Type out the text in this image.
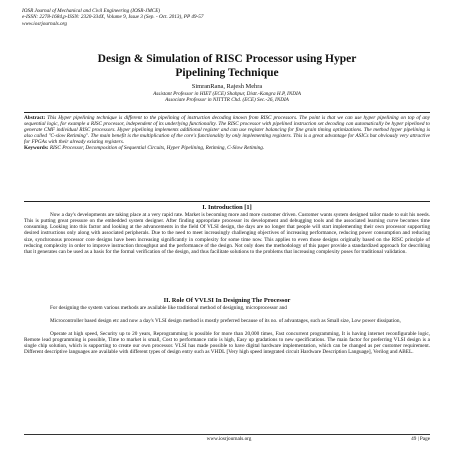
IOSR Journal of Mechanical and Civil Engineering (IOSR-JMCE)
e-ISSN: 2278-1684,p-ISSN: 2320-334X, Volume 9, Issue 3 (Sep. - Oct. 2013), PP 49-57
www.iosrjournals.org
Design & Simulation of RISC Processor using Hyper
Pipelining Technique
SimranRana, Rajesh Mehra
Assistant Professor in HIET (ECE) Shahpur, Distt.-Kangra H.P, INDIA
Associate Professor in NITTTR Chd. (ECE) Sec.-26, INDIA

Abstract: This Hyper pipelining technique is different to the pipelining of instruction decoding known from RISC processors. The point is that we can use hyper pipelining on top of any sequential logic, for example a RISC processor, independent of its underlying functionality. The RISC processor with pipelined instruction set decoding can automatically be hyper pipelined to generate CMF individual RISC processors. Hyper pipelining implements additional register and can use register balancing for fine grain timing optimizations. The method hyper pipelining is also called "C-slow Retiming". The main benefit is the multiplication of the core's functionality by only implementing registers. This is a great advantage for ASICs but obviously very attractive for FPGAs with their already existing registers.

Keywords: RISC Processor, Decomposition of Sequential Circuits, Hyper Pipelining, Retiming, C-Slow Retiming.

I. Introduction [1]

Now a day's developments are taking place at a very rapid rate. Market is becoming more and more customer driven. Customer wants system designed tailor made to suit his needs. This is putting great pressure on the embedded system designer. After finding appropriate processor its development and debugging tools and the associated learning curve becomes time consuming. Looking into this factor and looking at the advancements in the field Of VLSI design, the days are no longer that people will start implementing their own processor supporting desired instructions only along with associated peripherals. Due to the need to meet increasingly challenging objectives of increasing performance, reducing power consumption and reducing size, synchronous processor core designs have been increasing significantly in complexity for some time now. This applies to even those designs originally based on the RISC principle of reducing complexity in order to improve instruction throughput and the performance of the design. Not only does the methodology of this paper provide a standardized approach for describing that it generates can be used as a basis for the formal verification of the design, and thus facilitate solutions to the problems that increasing complexity poses for traditional validation.

II. Role Of VVLSI In Designing The Processor

For designing the system various methods are available like traditional method of designing, microprocessor and

Microcontroller based design etc and now a day's VLSI design method is mostly preferred because of its no. of advantages, such as Small size, Low power dissipation,

Operate at high speed, Security up to 20 years, Reprogramming is possible for more than 20,000 times, Fast concurrent programming, It is having internet reconfigurable logic, Remote lead programming is possible, Time to market is small, Cost to performance ratio is high, Easy up gradations to new specifications. The main factor for preferring VLSI design is a single chip solution, which is supporting to create our own processor. VLSI has made possible to have digital hardware implementation, which can be changed as per customer requirement. Different descriptive languages are available with different types of design entry such as VHDL [Very high speed integrated circuit Hardware Description Language], Verilog and ABEL.

www.iosrjournals.org	49 | Page
